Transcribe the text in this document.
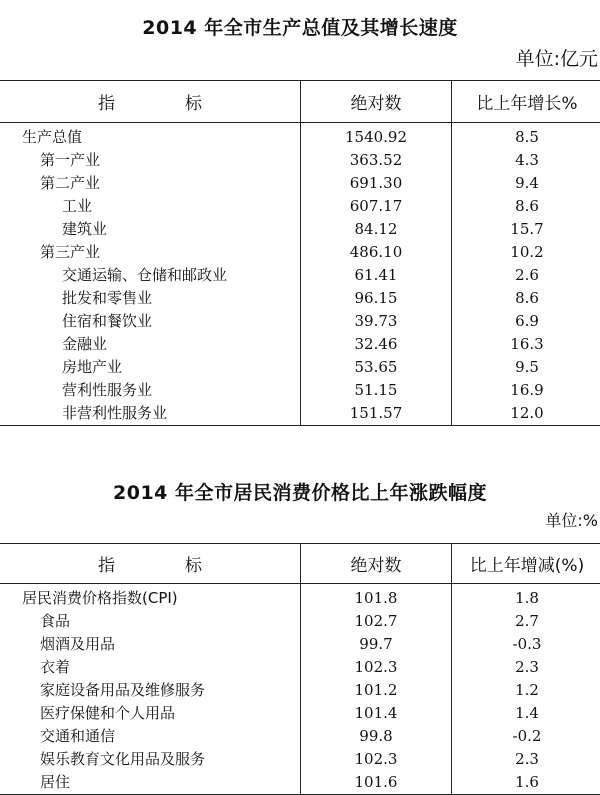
2014 年全市生产总值及其增长速度
单位:亿元
指 标	绝对数	比上年增长%
生产总值	1540.92	8.5
第一产业	363.52	4.3
第二产业	691.30	9.4
工业	607.17	8.6
建筑业	84.12	15.7
第三产业	486.10	10.2
交通运输、仓储和邮政业	61.41	2.6
批发和零售业	96.15	8.6
住宿和餐饮业	39.73	6.9
金融业	32.46	16.3
房地产业	53.65	9.5
营利性服务业	51.15	16.9
非营利性服务业	151.57	12.0
2014 年全市居民消费价格比上年涨跌幅度
单位:%
指 标	绝对数	比上年增减(%)
居民消费价格指数(CPI)	101.8	1.8
食品	102.7	2.7
烟酒及用品	99.7	-0.3
衣着	102.3	2.3
家庭设备用品及维修服务	101.2	1.2
医疗保健和个人用品	101.4	1.4
交通和通信	99.8	-0.2
娱乐教育文化用品及服务	102.3	2.3
居住	101.6	1.6
